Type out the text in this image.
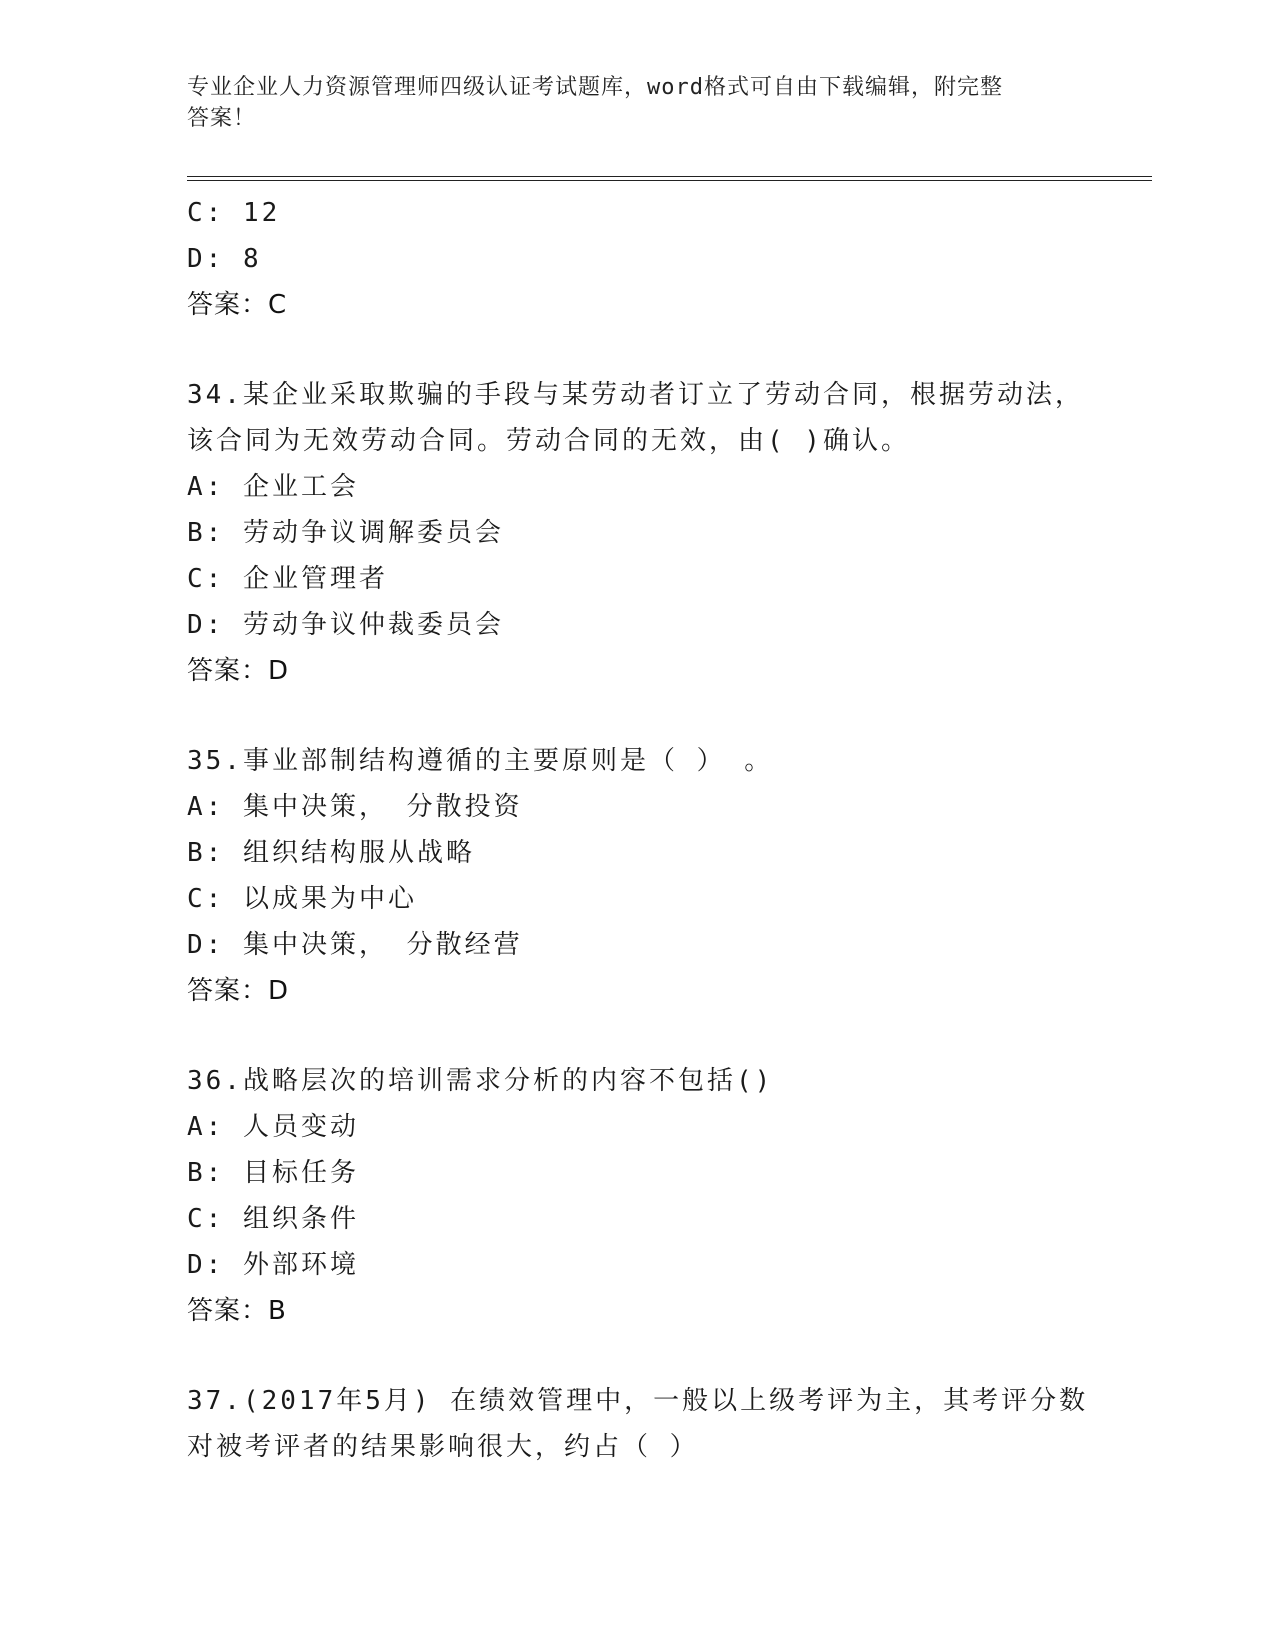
专业企业人力资源管理师四级认证考试题库，word格式可自由下载编辑，附完整
答案！
C: 12
D: 8
答案：C
34.某企业采取欺骗的手段与某劳动者订立了劳动合同，根据劳动法，
该合同为无效劳动合同。劳动合同的无效，由( )确认。
A: 企业工会
B: 劳动争议调解委员会
C: 企业管理者
D: 劳动争议仲裁委员会
答案：D
35.事业部制结构遵循的主要原则是（ ） 。
A: 集中决策， 分散投资
B: 组织结构服从战略
C: 以成果为中心
D: 集中决策， 分散经营
答案：D
36.战略层次的培训需求分析的内容不包括()
A: 人员变动
B: 目标任务
C: 组织条件
D: 外部环境
答案：B
37.(2017年5月) 在绩效管理中，一般以上级考评为主，其考评分数
对被考评者的结果影响很大，约占（ ）
